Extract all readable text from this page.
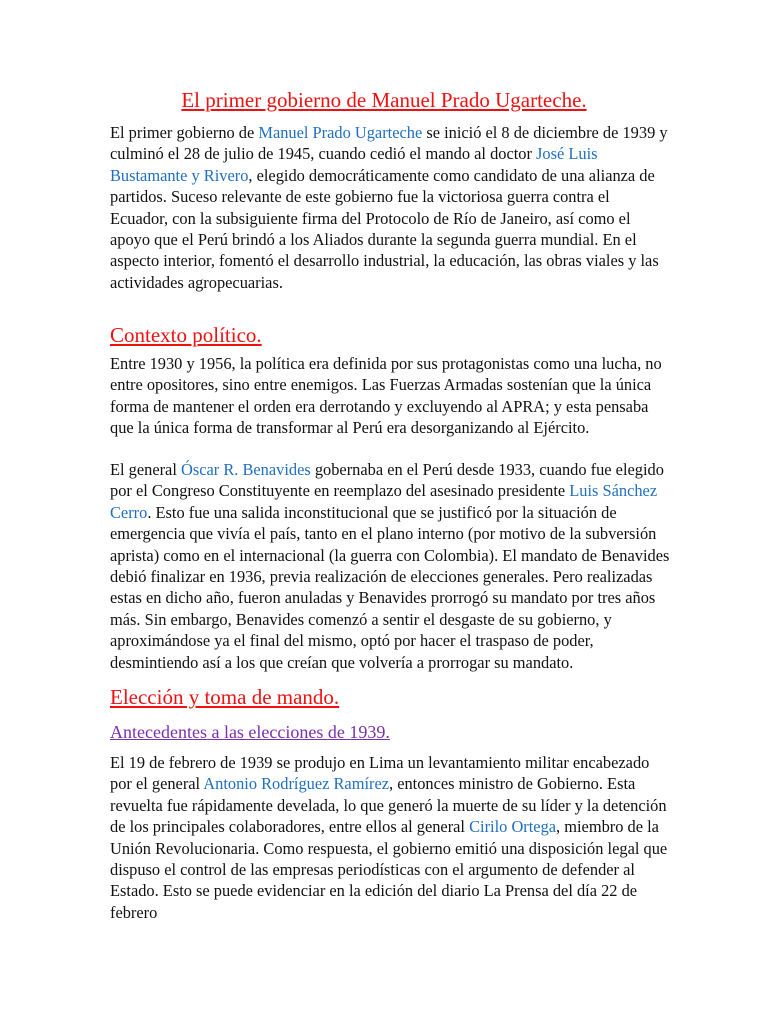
El primer gobierno de Manuel Prado Ugarteche.

El primer gobierno de Manuel Prado Ugarteche se inició el 8 de diciembre de 1939 y culminó el 28 de julio de 1945, cuando cedió el mando al doctor José Luis Bustamante y Rivero, elegido democráticamente como candidato de una alianza de partidos. Suceso relevante de este gobierno fue la victoriosa guerra contra el Ecuador, con la subsiguiente firma del Protocolo de Río de Janeiro, así como el apoyo que el Perú brindó a los Aliados durante la segunda guerra mundial. En el aspecto interior, fomentó el desarrollo industrial, la educación, las obras viales y las actividades agropecuarias.

Contexto político.

Entre 1930 y 1956, la política era definida por sus protagonistas como una lucha, no entre opositores, sino entre enemigos. Las Fuerzas Armadas sostenían que la única forma de mantener el orden era derrotando y excluyendo al APRA; y esta pensaba que la única forma de transformar al Perú era desorganizando al Ejército.

El general Óscar R. Benavides gobernaba en el Perú desde 1933, cuando fue elegido por el Congreso Constituyente en reemplazo del asesinado presidente Luis Sánchez Cerro. Esto fue una salida inconstitucional que se justificó por la situación de emergencia que vivía el país, tanto en el plano interno (por motivo de la subversión aprista) como en el internacional (la guerra con Colombia). El mandato de Benavides debió finalizar en 1936, previa realización de elecciones generales. Pero realizadas estas en dicho año, fueron anuladas y Benavides prorrogó su mandato por tres años más. Sin embargo, Benavides comenzó a sentir el desgaste de su gobierno, y aproximándose ya el final del mismo, optó por hacer el traspaso de poder, desmintiendo así a los que creían que volvería a prorrogar su mandato.

Elección y toma de mando.
Antecedentes a las elecciones de 1939.

El 19 de febrero de 1939 se produjo en Lima un levantamiento militar encabezado por el general Antonio Rodríguez Ramírez, entonces ministro de Gobierno. Esta revuelta fue rápidamente develada, lo que generó la muerte de su líder y la detención de los principales colaboradores, entre ellos al general Cirilo Ortega, miembro de la Unión Revolucionaria. Como respuesta, el gobierno emitió una disposición legal que dispuso el control de las empresas periodísticas con el argumento de defender al Estado. Esto se puede evidenciar en la edición del diario La Prensa del día 22 de febrero
